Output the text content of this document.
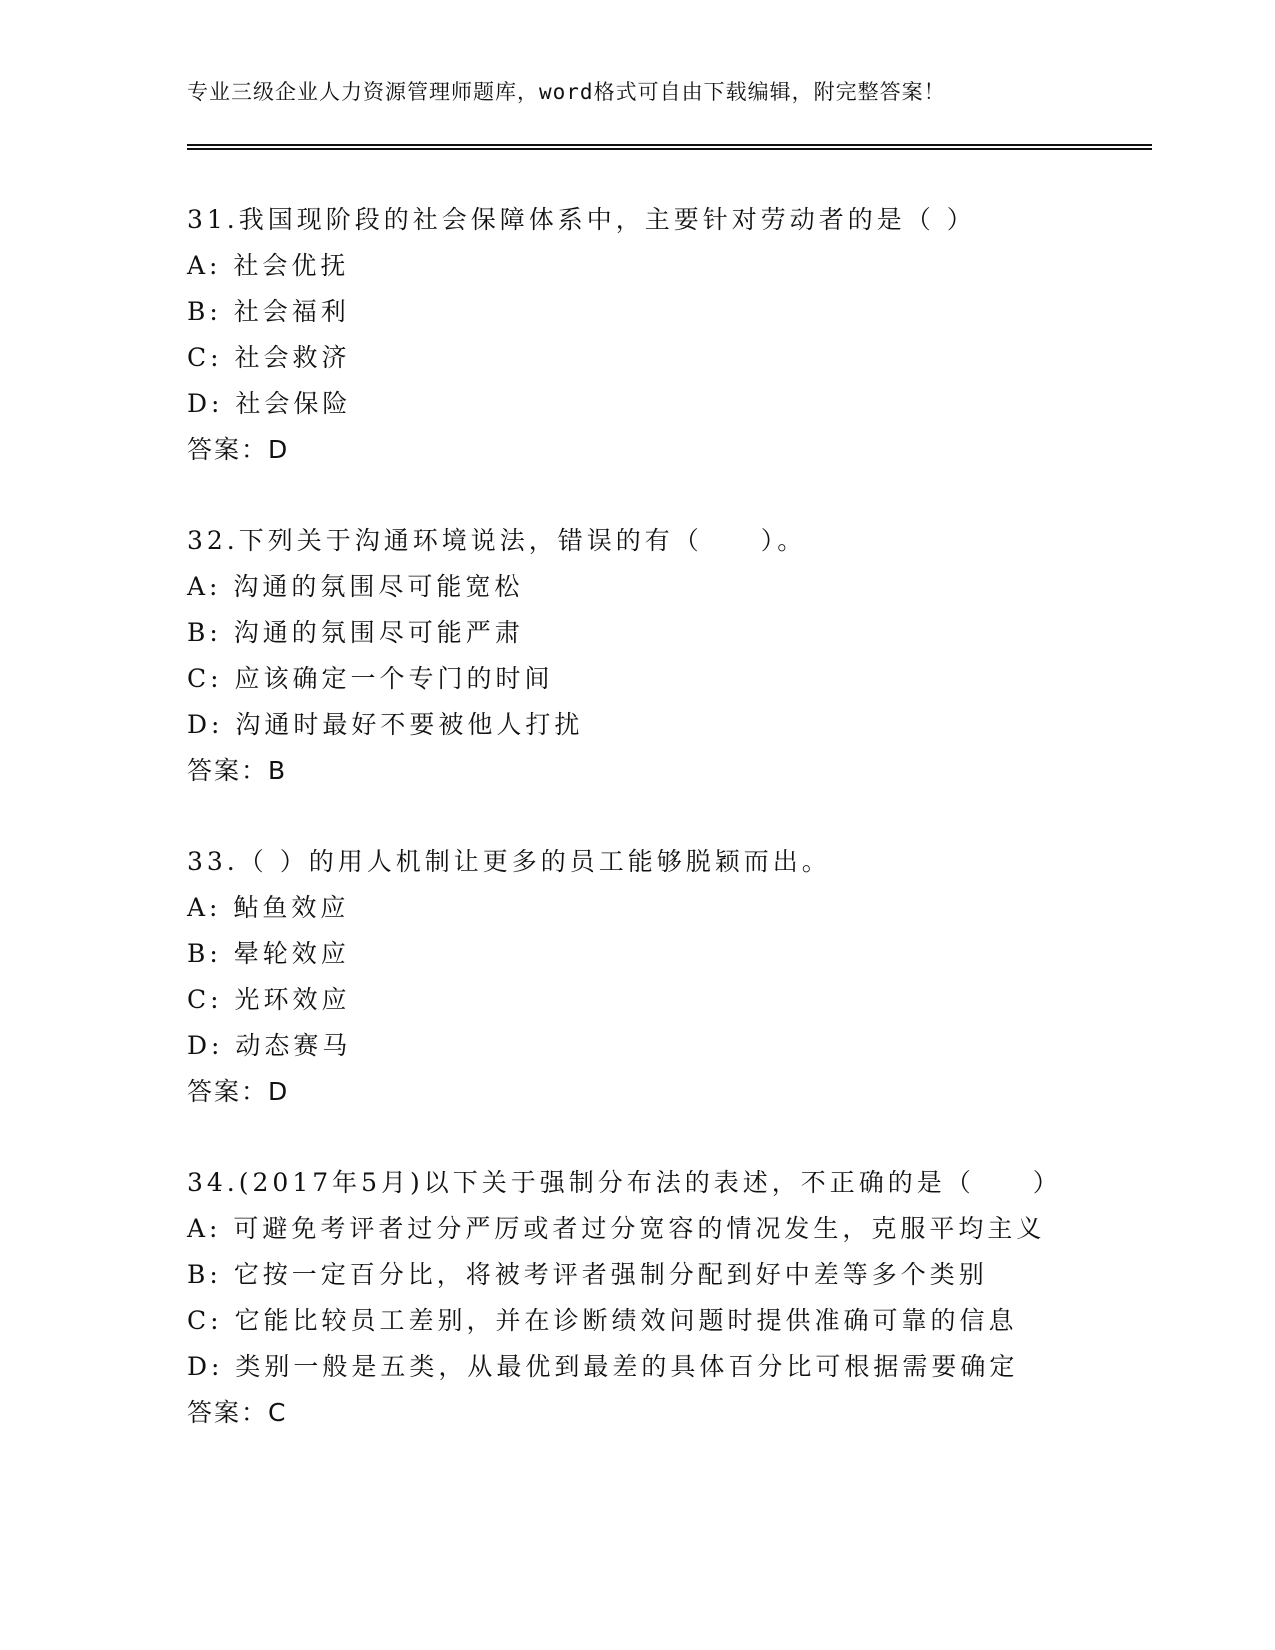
专业三级企业人力资源管理师题库，word格式可自由下载编辑，附完整答案！
31.我国现阶段的社会保障体系中，主要针对劳动者的是（ ）
A: 社会优抚
B: 社会福利
C: 社会救济
D: 社会保险
答案：D
32.下列关于沟通环境说法，错误的有（　　）。
A: 沟通的氛围尽可能宽松
B: 沟通的氛围尽可能严肃
C: 应该确定一个专门的时间
D: 沟通时最好不要被他人打扰
答案：B
33.（ ）的用人机制让更多的员工能够脱颖而出。
A: 鲇鱼效应
B: 晕轮效应
C: 光环效应
D: 动态赛马
答案：D
34.(2017年5月)以下关于强制分布法的表述，不正确的是（　　）
A: 可避免考评者过分严厉或者过分宽容的情况发生，克服平均主义
B: 它按一定百分比，将被考评者强制分配到好中差等多个类别
C: 它能比较员工差别，并在诊断绩效问题时提供准确可靠的信息
D: 类别一般是五类，从最优到最差的具体百分比可根据需要确定
答案：C
